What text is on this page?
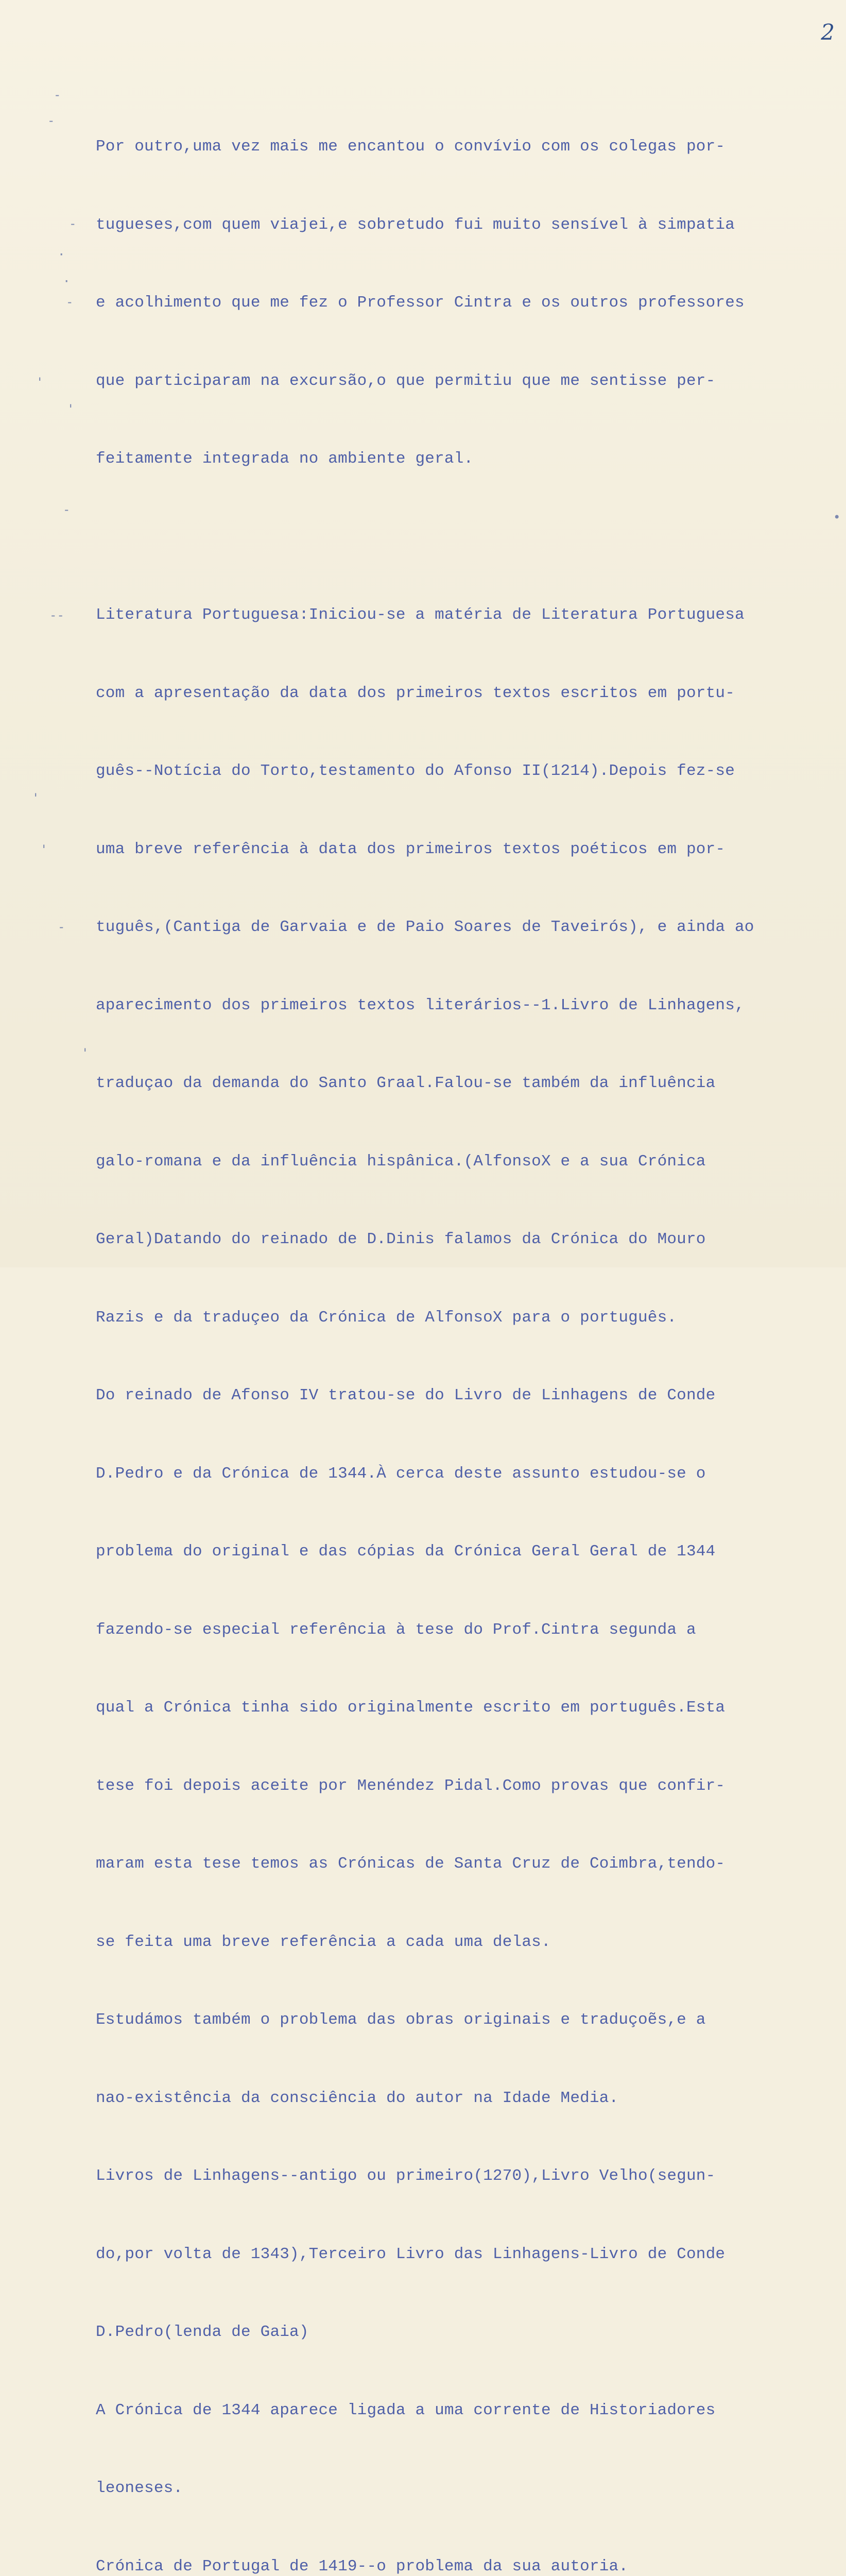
2
-
-
-
·
·
-
'
'
-
--
'
'
-
'
•

Por outro,uma vez mais me encantou o convívio com os colegas por-

tugueses,com quem viajei,e sobretudo fui muito sensível à simpatia

e acolhimento que me fez o Professor Cintra e os outros professores

que participaram na excursão,o que permitiu que me sentisse per-

feitamente integrada no ambiente geral.

Literatura Portuguesa:Iniciou-se a matéria de Literatura Portuguesa

com a apresentação da data dos primeiros textos escritos em portu-

guês--Notícia do Torto,testamento do Afonso II(1214).Depois fez-se

uma breve referência à data dos primeiros textos poéticos em por-

tuguês,(Cantiga de Garvaia e de Paio Soares de Taveirós), e ainda ao

aparecimento dos primeiros textos literários--1.Livro de Linhagens,

traduçao da demanda do Santo Graal.Falou-se também da influência

galo-romana e da influência hispânica.(AlfonsoX e a sua Crónica

Geral)Datando do reinado de D.Dinis falamos da Crónica do Mouro

Razis e da traduçeo da Crónica de AlfonsoX para o português.

Do reinado de Afonso IV tratou-se do Livro de Linhagens de Conde

D.Pedro e da Crónica de 1344.À cerca deste assunto estudou-se o

problema do original e das cópias da Crónica Geral Geral de 1344

fazendo-se especial referência à tese do Prof.Cintra segunda a

qual a Crónica tinha sido originalmente escrito em português.Esta

tese foi depois aceite por Menéndez Pidal.Como provas que confir-

maram esta tese temos as Crónicas de Santa Cruz de Coimbra,tendo-

se feita uma breve referência a cada uma delas.

Estudámos também o problema das obras originais e traduçoẽs,e a

nao-existência da consciência do autor na Idade Media.

Livros de Linhagens--antigo ou primeiro(1270),Livro Velho(segun-

do,por volta de 1343),Terceiro Livro das Linhagens-Livro de Conde

D.Pedro(lenda de Gaia)

A Crónica de 1344 aparece ligada a uma corrente de Historiadores

leoneses.

Crónica de Portugal de 1419--o problema da sua autoria.
